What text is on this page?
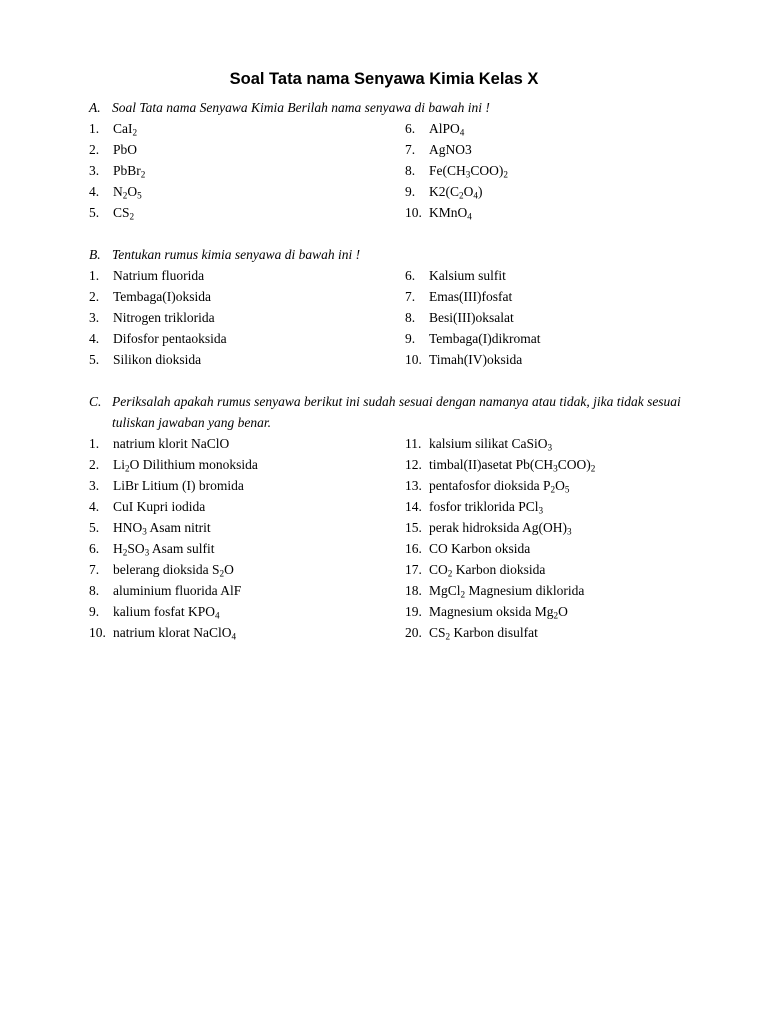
Soal Tata nama Senyawa Kimia Kelas X
A. Soal Tata nama Senyawa Kimia Berilah nama senyawa di bawah ini !
1.	CaI$_2$	6.	AlPO$_4$
2.	PbO	7.	AgNO3
3.	PbBr$_2$	8.	$Fe(CH_3COO)_2$
4.	$N_2O_5$	9.	$K2(C_2O_4)$
5.	$CS_2$	10. KMnO$_4$
B. Tentukan rumus kimia senyawa di bawah ini !
1.	Natrium fluorida	6.	Kalsium sulfit
2.	Tembaga(I)oksida	7.	Emas(III)fosfat
3.	Nitrogen triklorida	8.	Besi(III)oksalat
4.	Difosfor pentaoksida	9.	Tembaga(I)dikromat
5.	Silikon dioksida	10. Timah(IV)oksida
C. Periksalah apakah rumus senyawa berikut ini sudah sesuai dengan namanya atau tidak, jika tidak sesuai tuliskan jawaban yang benar.
1.	natrium klorit NaClO	11. kalsium silikat CaSiO$_3$
2.	$Li_2O$ Dilithium monoksida	12. timbal(II)asetat $Pb(CH_3COO)_2$
3.	LiBr Litium (I) bromida	13. pentafosfor dioksida $P_2O_5$
4.	CuI Kupri iodida	14. fosfor triklorida PCl$_3$
5.	$HNO_3$ Asam nitrit	15. perak hidroksida $Ag(OH)_3$
6.	$H_2SO_3$ Asam sulfit	16. CO Karbon oksida
7.	belerang dioksida $S_2O$	17. $CO_2$ Karbon dioksida
8.	aluminium fluorida AlF	18. MgCl$_2$ Magnesium diklorida
9.	kalium fosfat $KPO_4$	19. Magnesium oksida $Mg_2O$
10. natrium klorat NaClO$_4$	20. $CS_2$ Karbon disulfat
